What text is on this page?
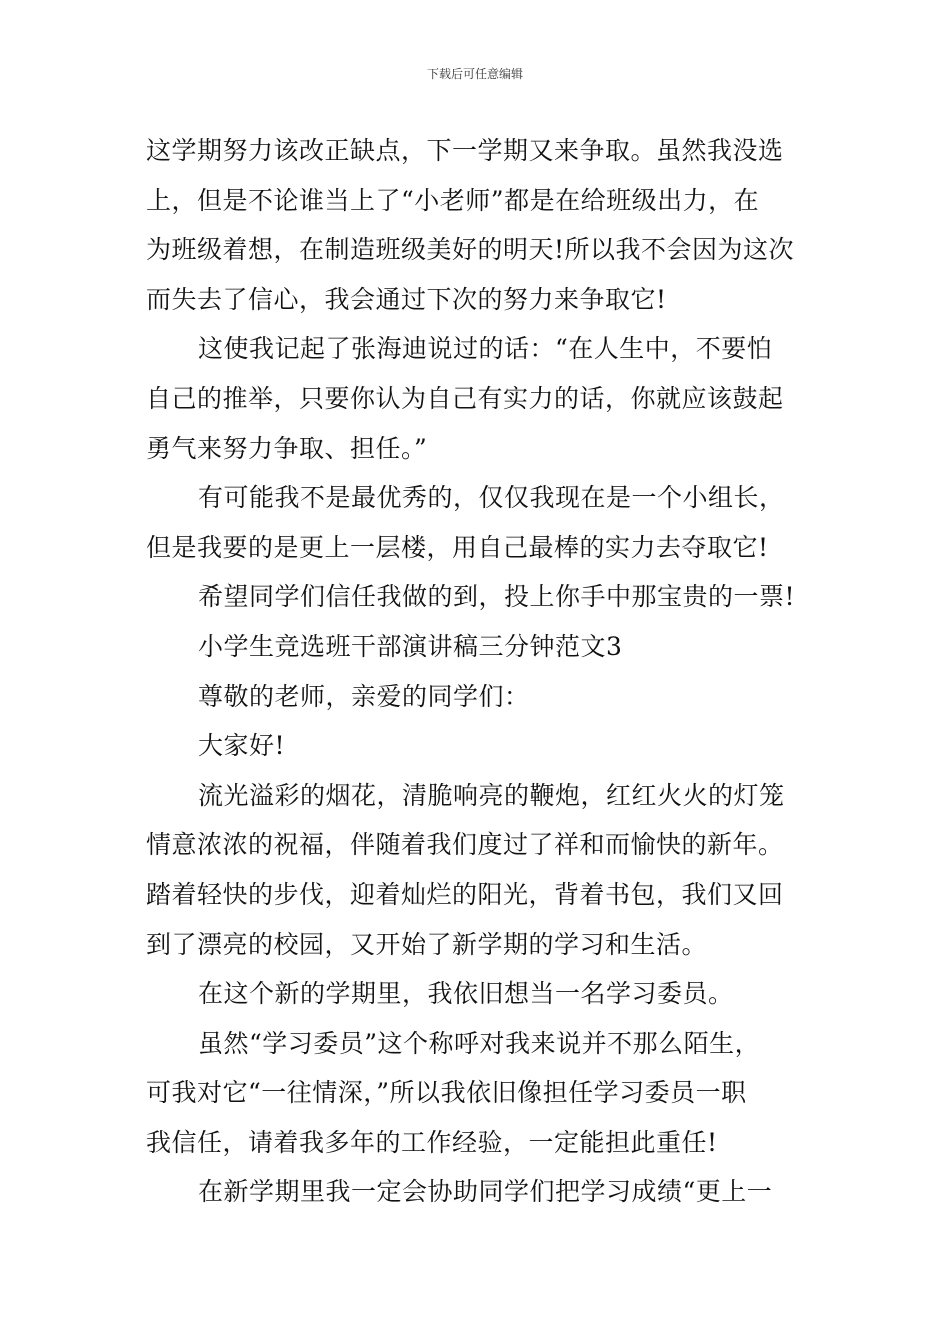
下载后可任意编辑
这学期努力该改正缺点，下一学期又来争取。虽然我没选
上，但是不论谁当上了“小老师”都是在给班级出力，在
为班级着想，在制造班级美好的明天!所以我不会因为这次
而失去了信心，我会通过下次的努力来争取它!
这使我记起了张海迪说过的话：“在人生中，不要怕
自己的推举，只要你认为自己有实力的话，你就应该鼓起
勇气来努力争取、担任。”
有可能我不是最优秀的，仅仅我现在是一个小组长，
但是我要的是更上一层楼，用自己最棒的实力去夺取它!
希望同学们信任我做的到，投上你手中那宝贵的一票!
小学生竞选班干部演讲稿三分钟范文3
尊敬的老师，亲爱的同学们：
大家好!
流光溢彩的烟花，清脆响亮的鞭炮，红红火火的灯笼
情意浓浓的祝福，伴随着我们度过了祥和而愉快的新年。
踏着轻快的步伐，迎着灿烂的阳光，背着书包，我们又回
到了漂亮的校园，又开始了新学期的学习和生活。
在这个新的学期里，我依旧想当一名学习委员。
虽然“学习委员”这个称呼对我来说并不那么陌生，
可我对它“一往情深，”所以我依旧像担任学习委员一职
我信任，请着我多年的工作经验，一定能担此重任!
在新学期里我一定会协助同学们把学习成绩“更上一
